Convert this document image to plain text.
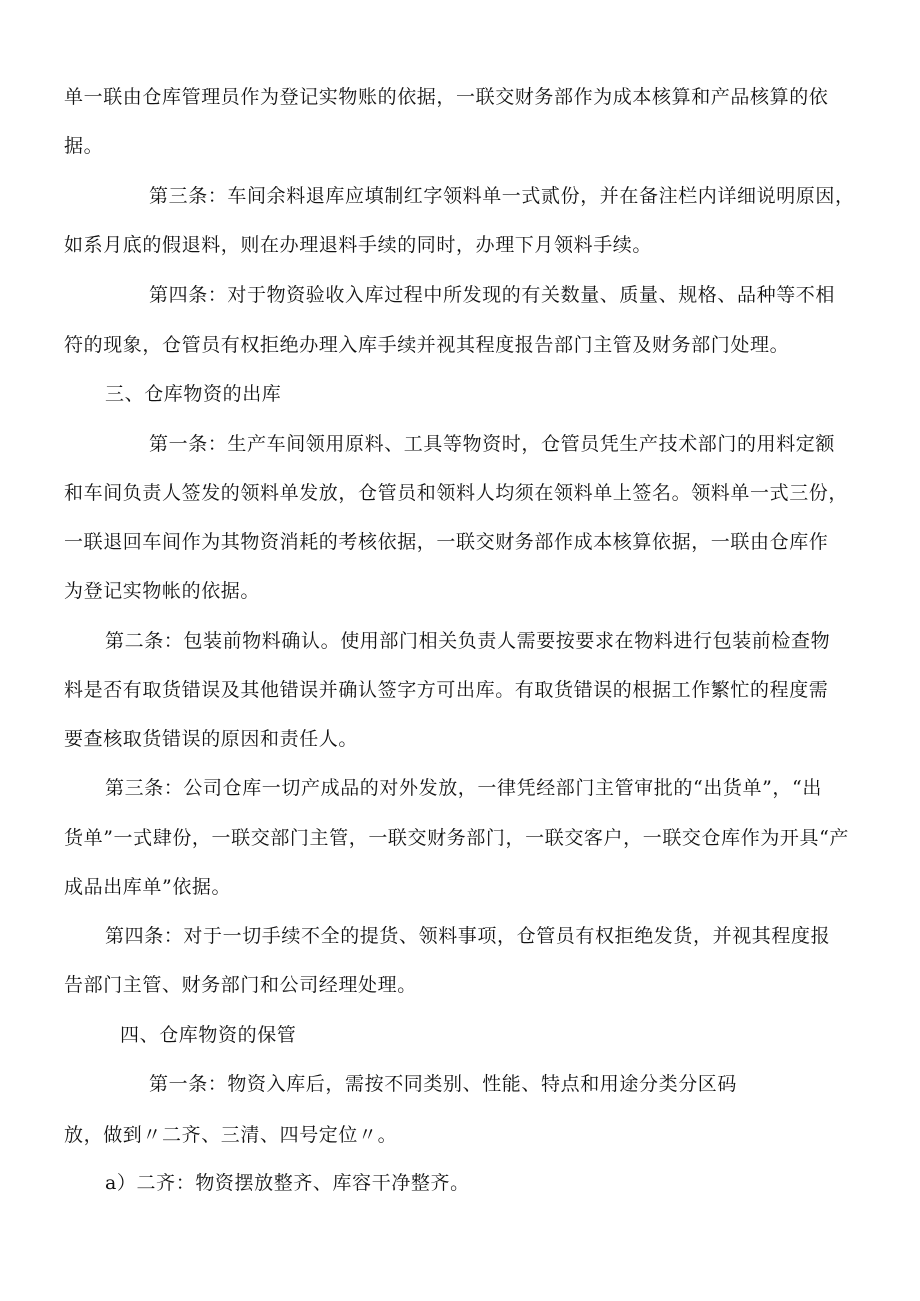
单一联由仓库管理员作为登记实物账的依据，一联交财务部作为成本核算和产品核算的依
据。
第三条：车间余料退库应填制红字领料单一式贰份，并在备注栏内详细说明原因，
如系月底的假退料，则在办理退料手续的同时，办理下月领料手续。
第四条：对于物资验收入库过程中所发现的有关数量、质量、规格、品种等不相
符的现象，仓管员有权拒绝办理入库手续并视其程度报告部门主管及财务部门处理。
三、仓库物资的出库
第一条：生产车间领用原料、工具等物资时，仓管员凭生产技术部门的用料定额
和车间负责人签发的领料单发放，仓管员和领料人均须在领料单上签名。领料单一式三份，
一联退回车间作为其物资消耗的考核依据，一联交财务部作成本核算依据，一联由仓库作
为登记实物帐的依据。
第二条：包装前物料确认。使用部门相关负责人需要按要求在物料进行包装前检查物
料是否有取货错误及其他错误并确认签字方可出库。有取货错误的根据工作繁忙的程度需
要查核取货错误的原因和责任人。
第三条：公司仓库一切产成品的对外发放，一律凭经部门主管审批的“出货单”，“出
货单”一式肆份，一联交部门主管，一联交财务部门，一联交客户，一联交仓库作为开具“产
成品出库单”依据。
第四条：对于一切手续不全的提货、领料事项，仓管员有权拒绝发货，并视其程度报
告部门主管、财务部门和公司经理处理。
四、仓库物资的保管
第一条：物资入库后，需按不同类别、性能、特点和用途分类分区码
放，做到〃二齐、三清、四号定位〃。
a）二齐：物资摆放整齐、库容干净整齐。
